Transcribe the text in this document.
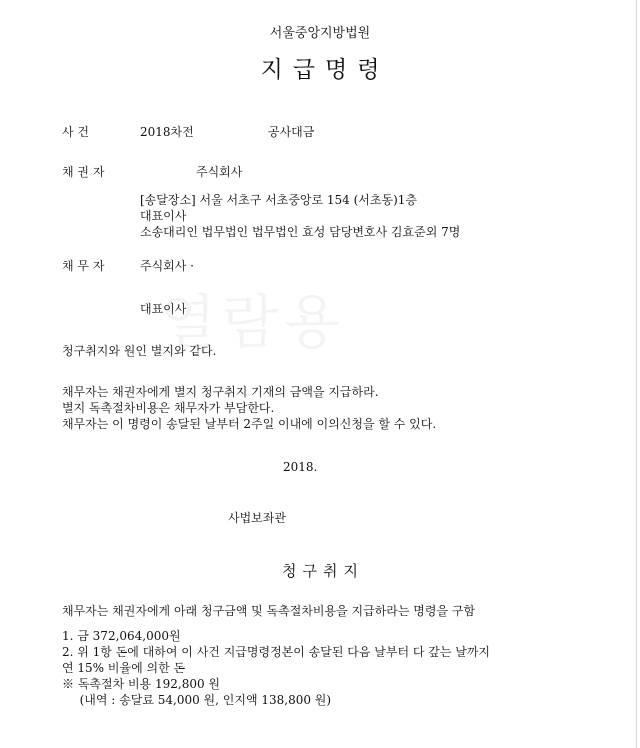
서울중앙지방법원
지급명령
사 건	2018차전	공사대금
채 권 자	주식회사
[송달장소] 서울 서초구 서초중앙로 154 (서초동)1층
대표이사
소송대리인 법무법인 법무법인 효성 담당변호사 김효준외 7명
채 무 자	주식회사 ·
대표이사
청구취지와 원인 별지와 같다.
채무자는 채권자에게 별지 청구취지 기재의 금액을 지급하라.
별지 독촉절차비용은 채무자가 부담한다.
채무자는 이 명령이 송달된 날부터 2주일 이내에 이의신청을 할 수 있다.
2018.
사법보좌관
청구취지
채무자는 채권자에게 아래 청구금액 및 독촉절차비용을 지급하라는 명령을 구함
1. 금 372,064,000원
2. 위 1항 돈에 대하여 이 사건 지급명령정본이 송달된 다음 날부터 다 갚는 날까지
연 15% 비율에 의한 돈
※ 독촉절차 비용 192,800 원
(내역 : 송달료 54,000 원, 인지액 138,800 원)
